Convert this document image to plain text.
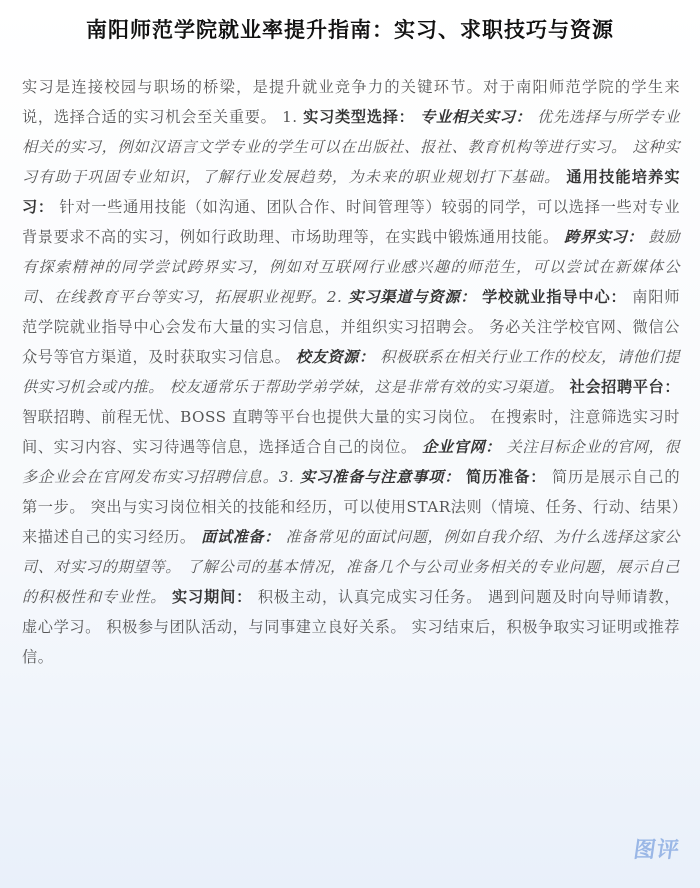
南阳师范学院就业率提升指南：实习、求职技巧与资源
实习是连接校园与职场的桥梁，是提升就业竞争力的关键环节。对于南阳师范学院的学生来说，选择合适的实习机会至关重要。 1. 实习类型选择： 专业相关实习： 优先选择与所学专业相关的实习，例如汉语言文学专业的学生可以在出版社、报社、教育机构等进行实习。 这种实习有助于巩固专业知识，了解行业发展趋势，为未来的职业规划打下基础。 通用技能培养实习： 针对一些通用技能（如沟通、团队合作、时间管理等）较弱的同学，可以选择一些对专业背景要求不高的实习，例如行政助理、市场助理等，在实践中锻炼通用技能。 跨界实习： 鼓励有探索精神的同学尝试跨界实习，例如对互联网行业感兴趣的师范生，可以尝试在新媒体公司、在线教育平台等实习，拓展职业视野。2. 实习渠道与资源： 学校就业指导中心： 南阳师范学院就业指导中心会发布大量的实习信息，并组织实习招聘会。 务必关注学校官网、微信公众号等官方渠道，及时获取实习信息。 校友资源： 积极联系在相关行业工作的校友，请他们提供实习机会或内推。 校友通常乐于帮助学弟学妹，这是非常有效的实习渠道。 社会招聘平台： 智联招聘、前程无忧、BOSS 直聘等平台也提供大量的实习岗位。 在搜索时，注意筛选实习时间、实习内容、实习待遇等信息，选择适合自己的岗位。 企业官网： 关注目标企业的官网，很多企业会在官网发布实习招聘信息。3. 实习准备与注意事项： 简历准备： 简历是展示自己的第一步。 突出与实习岗位相关的技能和经历，可以使用STAR法则（情境、任务、行动、结果）来描述自己的实习经历。 面试准备： 准备常见的面试问题，例如自我介绍、为什么选择这家公司、对实习的期望等。 了解公司的基本情况，准备几个与公司业务相关的专业问题，展示自己的积极性和专业性。 实习期间： 积极主动，认真完成实习任务。 遇到问题及时向导师请教，虚心学习。 积极参与团队活动，与同事建立良好关系。 实习结束后，积极争取实习证明或推荐信。
图评
